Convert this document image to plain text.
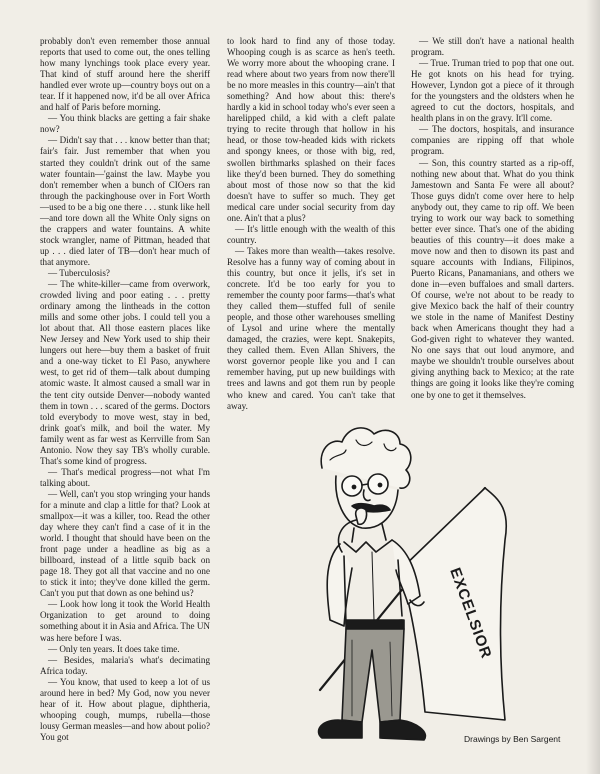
probably don't even remember those annual reports that used to come out, the ones telling how many lynchings took place every year. That kind of stuff around here the sheriff handled ever wrote up—country boys out on a tear. If it happened now, it'd be all over Africa and half of Paris before morning.

— You think blacks are getting a fair shake now?

— Didn't say that . . . know better than that; fair's fair. Just remember that when you started they couldn't drink out of the same water fountain—'gainst the law. Maybe you don't remember when a bunch of CIOers ran through the packinghouse over in Fort Worth—used to be a big one there . . . stunk like hell—and tore down all the White Only signs on the crappers and water fountains. A white stock wrangler, name of Pittman, headed that up . . . died later of TB—don't hear much of that anymore.

— Tuberculosis?

— The white-killer—came from overwork, crowded living and poor eating . . . pretty ordinary among the lintheads in the cotton mills and some other jobs. I could tell you a lot about that. All those eastern places like New Jersey and New York used to ship their lungers out here—buy them a basket of fruit and a one-way ticket to El Paso, anywhere west, to get rid of them—talk about dumping atomic waste. It almost caused a small war in the tent city outside Denver—nobody wanted them in town . . . scared of the germs. Doctors told everybody to move west, stay in bed, drink goat's milk, and boil the water. My family went as far west as Kerrville from San Antonio. Now they say TB's wholly curable. That's some kind of progress.

— That's medical progress—not what I'm talking about.

— Well, can't you stop wringing your hands for a minute and clap a little for that? Look at smallpox—it was a killer, too. Read the other day where they can't find a case of it in the world. I thought that should have been on the front page under a headline as big as a billboard, instead of a little squib back on page 18. They got all that vaccine and no one to stick it into; they've done killed the germ. Can't you put that down as one behind us?

— Look how long it took the World Health Organization to get around to doing something about it in Asia and Africa. The UN was here before I was.

— Only ten years. It does take time.

— Besides, malaria's what's decimating Africa today.

— You know, that used to keep a lot of us around here in bed? My God, now you never hear of it. How about plague, diphtheria, whooping cough, mumps, rubella—those lousy German measles—and how about polio? You got

to look hard to find any of those today. Whooping cough is as scarce as hen's teeth. We worry more about the whooping crane. I read where about two years from now there'll be no more measles in this country—ain't that something? And how about this: there's hardly a kid in school today who's ever seen a harelipped child, a kid with a cleft palate trying to recite through that hollow in his head, or those tow-headed kids with rickets and spongy knees, or those with big, red, swollen birthmarks splashed on their faces like they'd been burned. They do something about most of those now so that the kid doesn't have to suffer so much. They get medical care under social security from day one. Ain't that a plus?

— It's little enough with the wealth of this country.

— Takes more than wealth—takes resolve. Resolve has a funny way of coming about in this country, but once it jells, it's set in concrete. It'd be too early for you to remember the county poor farms—that's what they called them—stuffed full of senile people, and those other warehouses smelling of Lysol and urine where the mentally damaged, the crazies, were kept. Snakepits, they called them. Even Allan Shivers, the worst governor people like you and I can remember having, put up new buildings with trees and lawns and got them run by people who knew and cared. You can't take that away.

— We still don't have a national health program.

— True. Truman tried to pop that one out. He got knots on his head for trying. However, Lyndon got a piece of it through for the youngsters and the oldsters when he agreed to cut the doctors, hospitals, and health plans in on the gravy. It'll come.

— The doctors, hospitals, and insurance companies are ripping off that whole program.

— Son, this country started as a rip-off, nothing new about that. What do you think Jamestown and Santa Fe were all about? Those guys didn't come over here to help anybody out, they came to rip off. We been trying to work our way back to something better ever since. That's one of the abiding beauties of this country—it does make a move now and then to disown its past and square accounts with Indians, Filipinos, Puerto Ricans, Panamanians, and others we done in—even buffaloes and small darters. Of course, we're not about to be ready to give Mexico back the half of their country we stole in the name of Manifest Destiny back when Americans thought they had a God-given right to whatever they wanted. No one says that out loud anymore, and maybe we shouldn't trouble ourselves about giving anything back to Mexico; at the rate things are going it looks like they're coming one by one to get it themselves.

EXCELSIOR
Drawings by Ben Sargent
